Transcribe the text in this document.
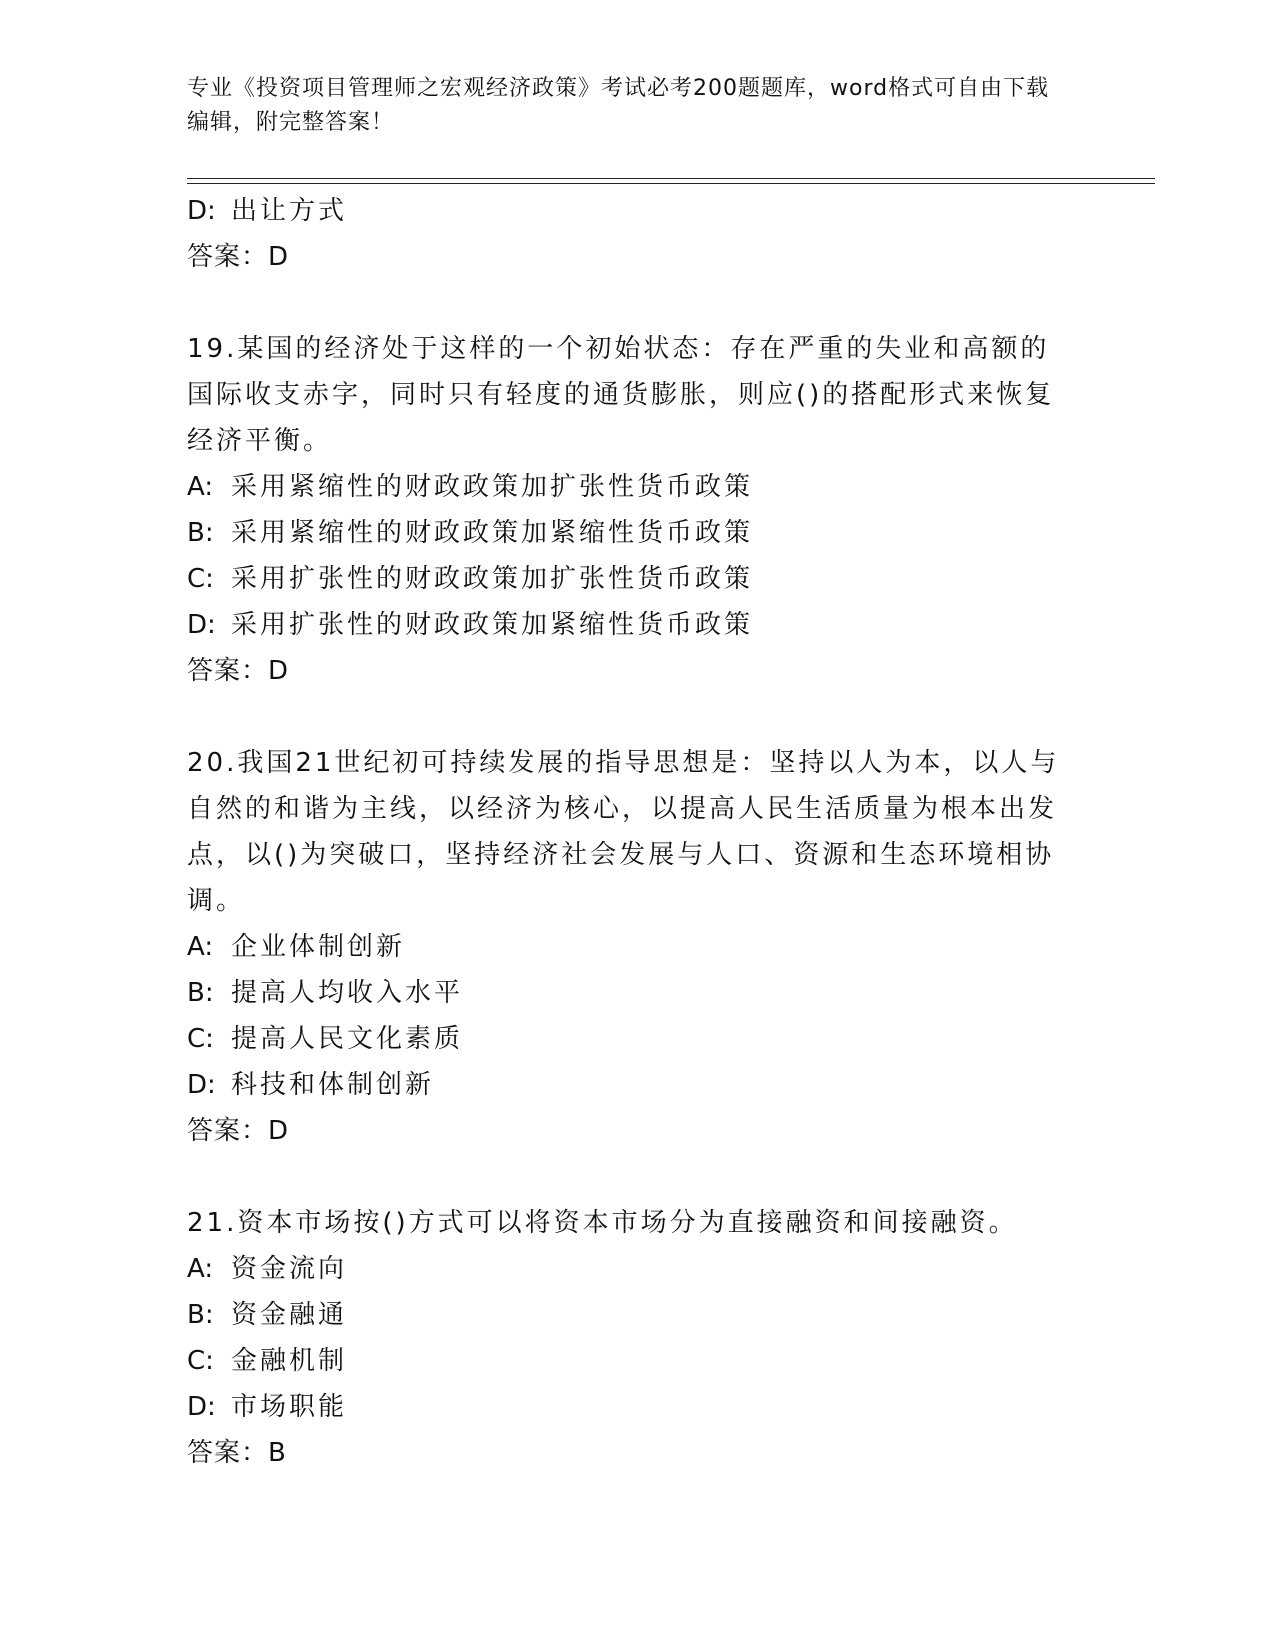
专业《投资项目管理师之宏观经济政策》考试必考200题题库，word格式可自由下载编辑，附完整答案！
D: 出让方式
答案：D
19.某国的经济处于这样的一个初始状态：存在严重的失业和高额的国际收支赤字，同时只有轻度的通货膨胀，则应()的搭配形式来恢复经济平衡。
A: 采用紧缩性的财政政策加扩张性货币政策
B: 采用紧缩性的财政政策加紧缩性货币政策
C: 采用扩张性的财政政策加扩张性货币政策
D: 采用扩张性的财政政策加紧缩性货币政策
答案：D
20.我国21世纪初可持续发展的指导思想是：坚持以人为本，以人与自然的和谐为主线，以经济为核心，以提高人民生活质量为根本出发点，以()为突破口，坚持经济社会发展与人口、资源和生态环境相协调。
A: 企业体制创新
B: 提高人均收入水平
C: 提高人民文化素质
D: 科技和体制创新
答案：D
21.资本市场按()方式可以将资本市场分为直接融资和间接融资。
A: 资金流向
B: 资金融通
C: 金融机制
D: 市场职能
答案：B
